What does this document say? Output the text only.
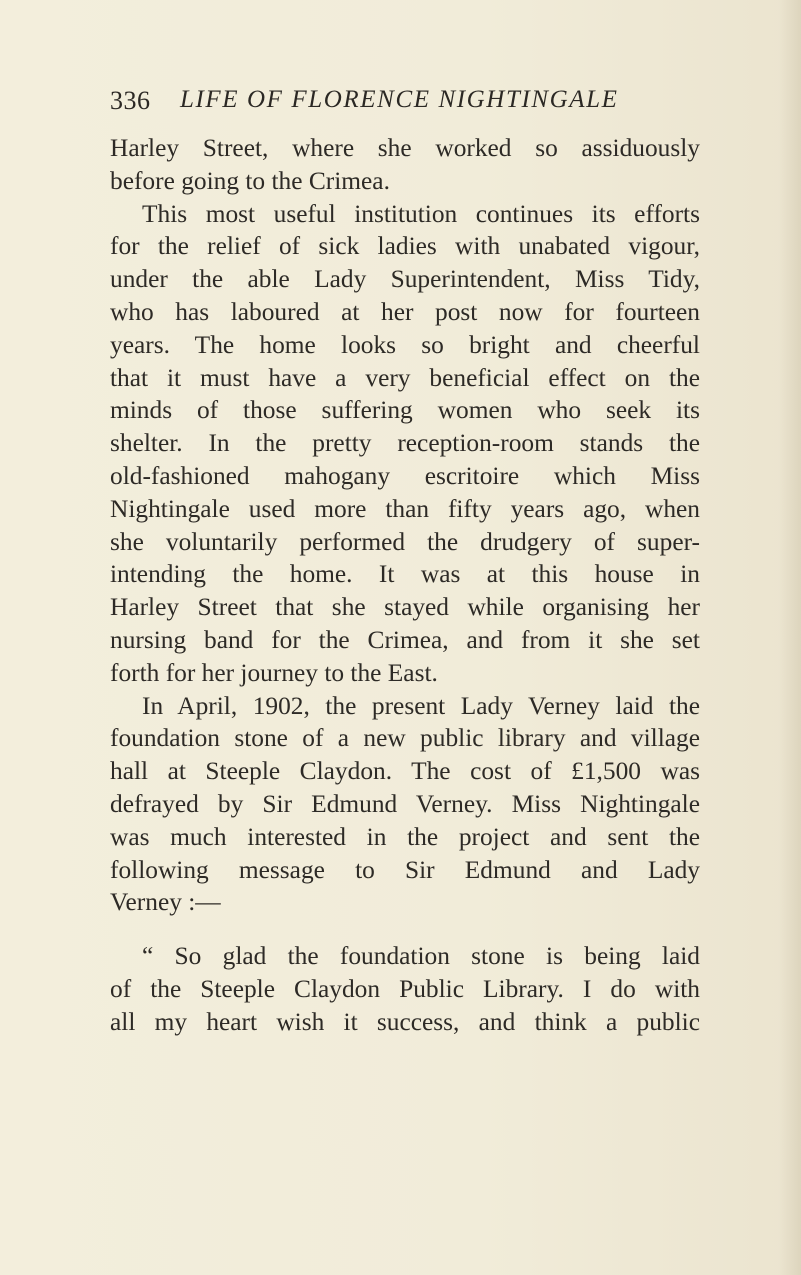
336 LIFE OF FLORENCE NIGHTINGALE
Harley Street, where she worked so assiduously
before going to the Crimea.
This most useful institution continues its efforts
for the relief of sick ladies with unabated vigour,
under the able Lady Superintendent, Miss Tidy,
who has laboured at her post now for fourteen
years. The home looks so bright and cheerful
that it must have a very beneficial effect on the
minds of those suffering women who seek its
shelter. In the pretty reception-room stands the
old-fashioned mahogany escritoire which Miss
Nightingale used more than fifty years ago, when
she voluntarily performed the drudgery of super-
intending the home. It was at this house in
Harley Street that she stayed while organising her
nursing band for the Crimea, and from it she set
forth for her journey to the East.
In April, 1902, the present Lady Verney laid the
foundation stone of a new public library and village
hall at Steeple Claydon. The cost of £1,500 was
defrayed by Sir Edmund Verney. Miss Nightingale
was much interested in the project and sent the
following message to Sir Edmund and Lady
Verney :—
“ So glad the foundation stone is being laid
of the Steeple Claydon Public Library. I do with
all my heart wish it success, and think a public
